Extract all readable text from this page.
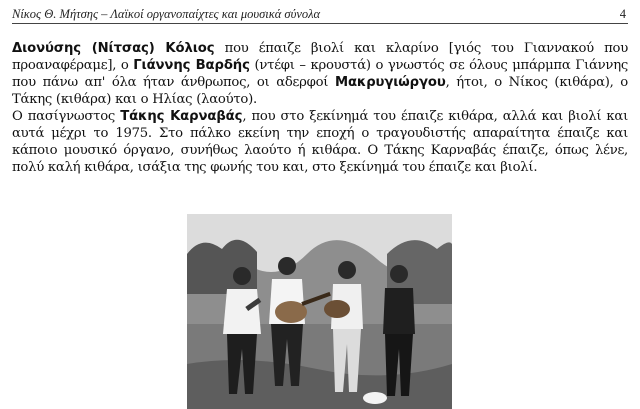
Νίκος Θ. Μήτσης – Λαϊκοί οργανοπαίχτες και μουσικά σύνολα	4

Διονύσης (Νίτσας) Κόλιος που έπαιζε βιολί και κλαρίνο [γιός του Γιαννακού που προαναφέραμε], ο Γιάννης Βαρδής (ντέφι – κρουστά) ο γνωστός σε όλους μπάρμπα Γιάννης που πάνω απ' όλα ήταν άνθρωπος, οι αδερφοί Μακρυγιώργου, ήτοι, ο Νίκος (κιθάρα), ο Τάκης (κιθάρα) και ο Ηλίας (λαούτο).

Ο πασίγνωστος Τάκης Καρναβάς, που στο ξεκίνημά του έπαιζε κιθάρα, αλλά και βιολί και αυτά μέχρι το 1975. Στο πάλκο εκείνη την εποχή ο τραγουδιστής απαραίτητα έπαιζε και κάποιο μουσικό όργανο, συνήθως λαούτο ή κιθάρα. Ο Τάκης Καρναβάς έπαιζε, όπως λένε, πολύ καλή κιθάρα, ισάξια της φωνής του και, στο ξεκίνημά του έπαιζε και βιολί.
